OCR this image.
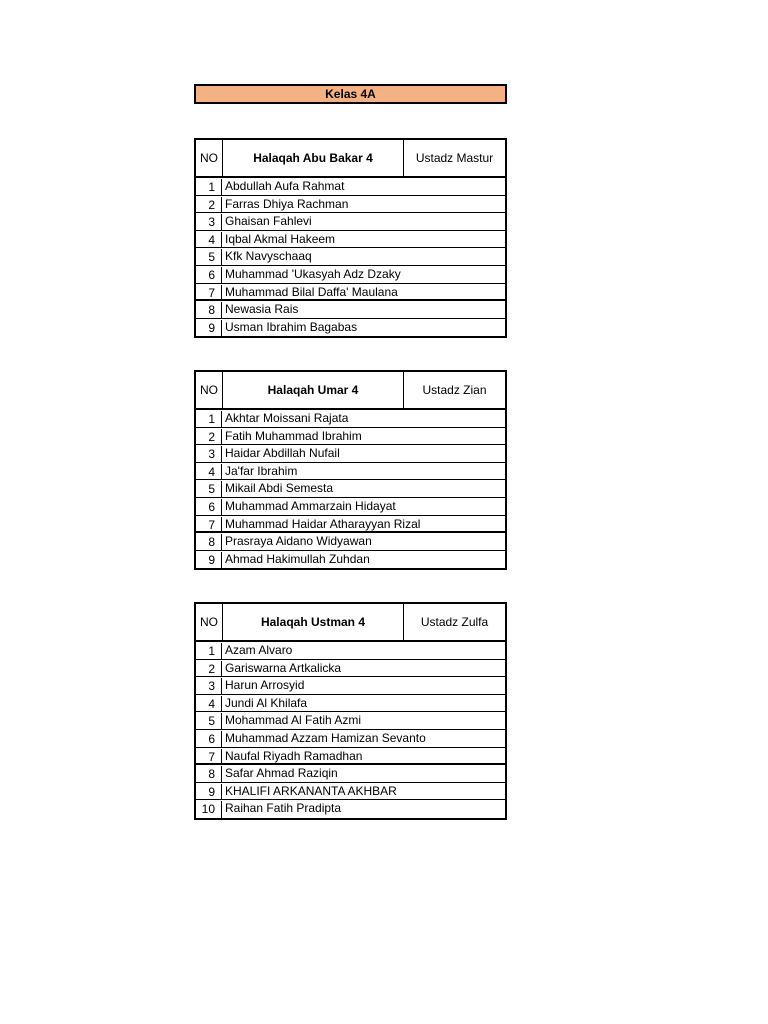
Kelas 4A
NO	Halaqah Abu Bakar 4	Ustadz Mastur
1 Abdullah Aufa Rahmat
2 Farras Dhiya Rachman
3 Ghaisan Fahlevi
4 Iqbal Akmal Hakeem
5 Kfk Navyschaaq
6 Muhammad 'Ukasyah Adz Dzaky
7 Muhammad Bilal Daffa' Maulana
8 Newasia Rais
9 Usman Ibrahim Bagabas
NO	Halaqah Umar 4	Ustadz Zian
1 Akhtar Moissani Rajata
2 Fatih Muhammad Ibrahim
3 Haidar Abdillah Nufail
4 Ja'far Ibrahim
5 Mikail Abdi Semesta
6 Muhammad Ammarzain Hidayat
7 Muhammad Haidar Atharayyan Rizal
8 Prasraya Aidano Widyawan
9 Ahmad Hakimullah Zuhdan
NO	Halaqah Ustman 4	Ustadz Zulfa
1 Azam Alvaro
2 Gariswarna Artkalicka
3 Harun Arrosyid
4 Jundi Al Khilafa
5 Mohammad Al Fatih Azmi
6 Muhammad Azzam Hamizan Sevanto
7 Naufal Riyadh Ramadhan
8 Safar Ahmad Raziqin
9 KHALIFI ARKANANTA AKHBAR
10 Raihan Fatih Pradipta
